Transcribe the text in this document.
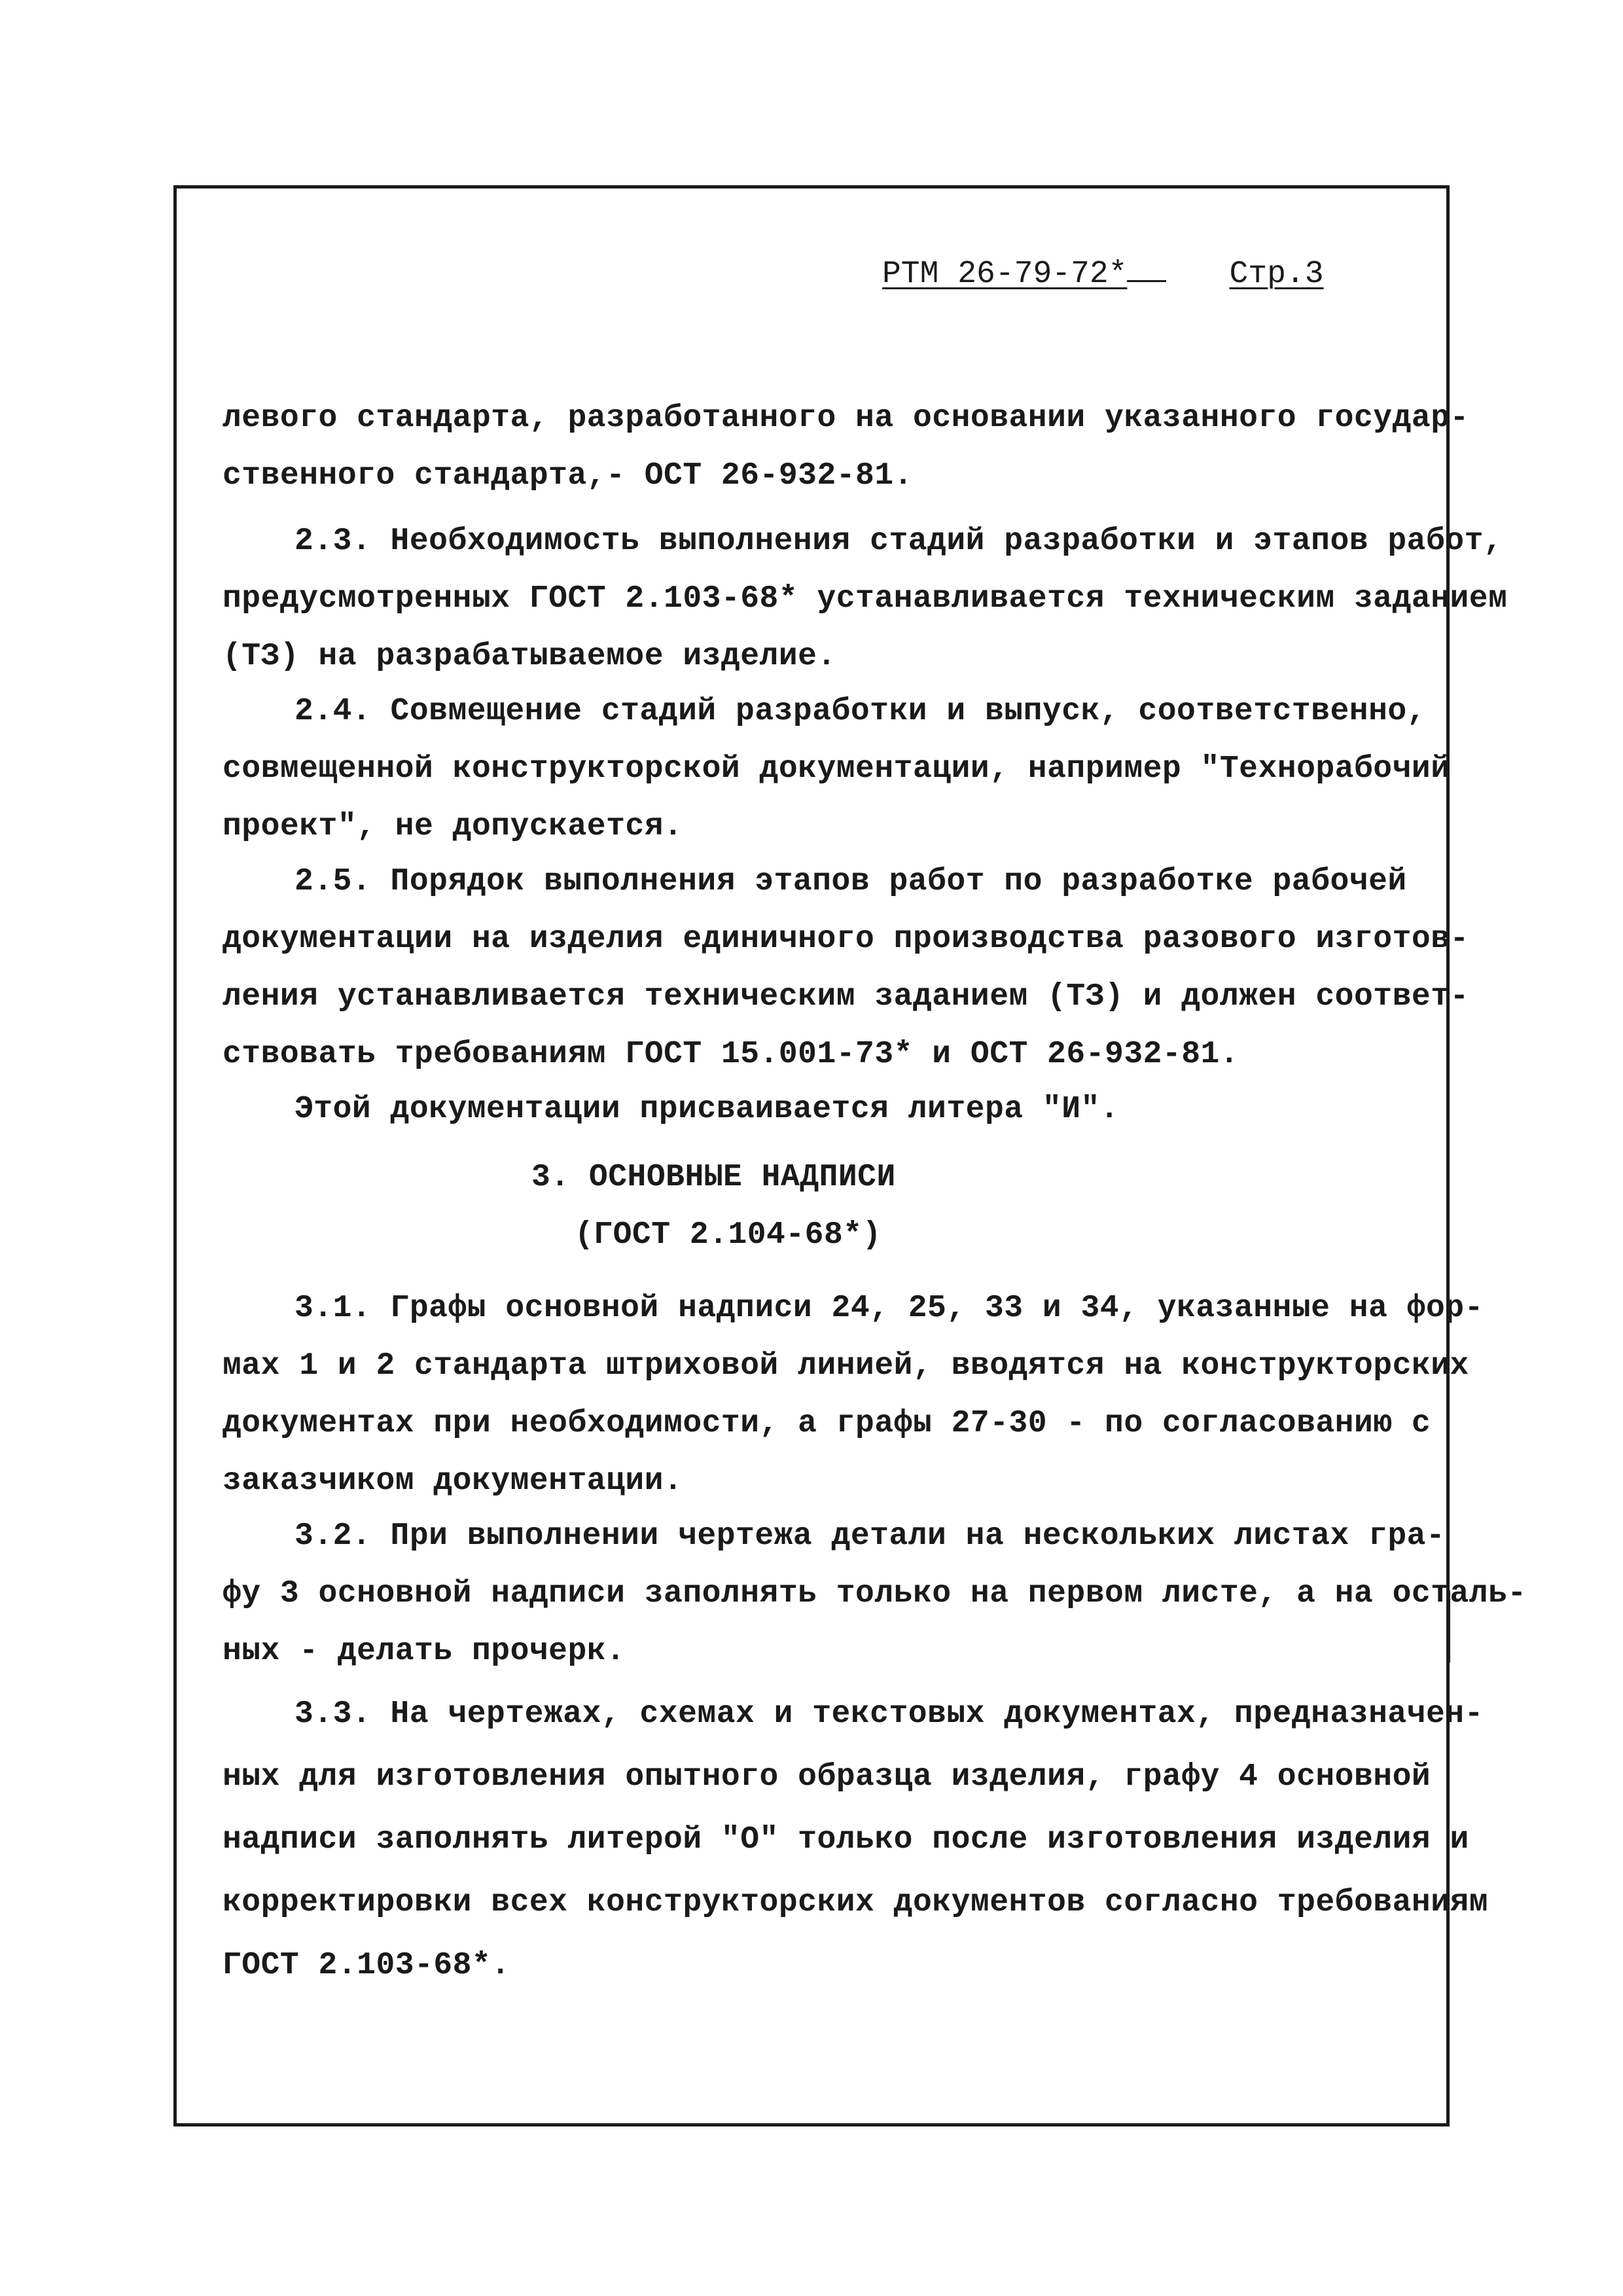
РТМ 26-79-72*	Стр.3
левого стандарта, разработанного на основании указанного государ-
ственного стандарта,- ОСТ 26-932-81.
2.3. Необходимость выполнения стадий разработки и этапов работ,
предусмотренных ГОСТ 2.103-68* устанавливается техническим заданием
(ТЗ) на разрабатываемое изделие.
2.4. Совмещение стадий разработки и выпуск, соответственно,
совмещенной конструкторской документации, например "Технорабочий
проект", не допускается.
2.5. Порядок выполнения этапов работ по разработке рабочей
документации на изделия единичного производства разового изготов-
ления устанавливается техническим заданием (ТЗ) и должен соответ-
ствовать требованиям ГОСТ 15.001-73* и ОСТ 26-932-81.
Этой документации присваивается литера "И".
3. ОСНОВНЫЕ НАДПИСИ
(ГОСТ 2.104-68*)
3.1. Графы основной надписи 24, 25, 33 и 34, указанные на фор-
мах 1 и 2 стандарта штриховой линией, вводятся на конструкторских
документах при необходимости, а графы 27-30 - по согласованию с
заказчиком документации.
3.2. При выполнении чертежа детали на нескольких листах гра-
фу 3 основной надписи заполнять только на первом листе, а на осталь-
ных - делать прочерк.
3.3. На чертежах, схемах и текстовых документах, предназначен-
ных для изготовления опытного образца изделия, графу 4 основной
надписи заполнять литерой "О" только после изготовления изделия и
корректировки всех конструкторских документов согласно требованиям
ГОСТ 2.103-68*.
